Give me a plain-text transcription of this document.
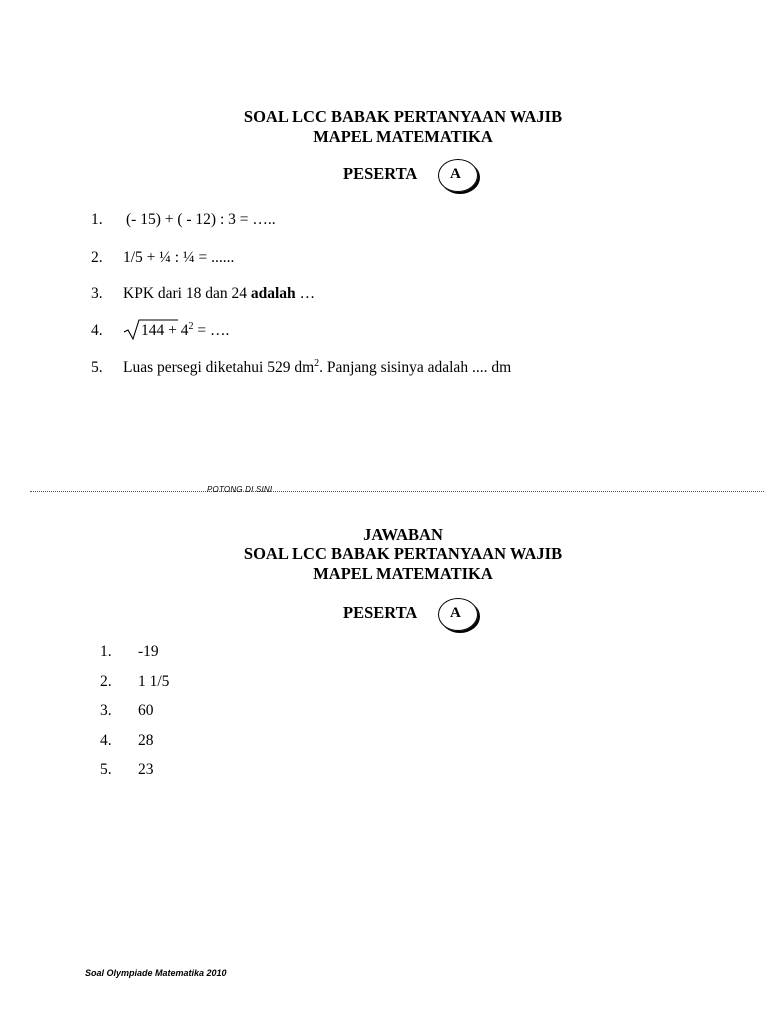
SOAL LCC BABAK PERTANYAAN WAJIB
MAPEL MATEMATIKA
PESERTA A
1. (- 15) + ( - 12) : 3 = …..
2. 1/5 + ¼ : ¼ = ......
3. KPK dari 18 dan 24 adalah …
4.	$144 + 4^2$ = ….
5. Luas persegi diketahui 529 $dm^2$. Panjang sisinya adalah .... dm
POTONG DI SINI
JAWABAN
SOAL LCC BABAK PERTANYAAN WAJIB
MAPEL MATEMATIKA
PESERTA A
1. -19
2. 1 1/5
3. 60
4. 28
5. 23
Soal Olympiade Matematika 2010
